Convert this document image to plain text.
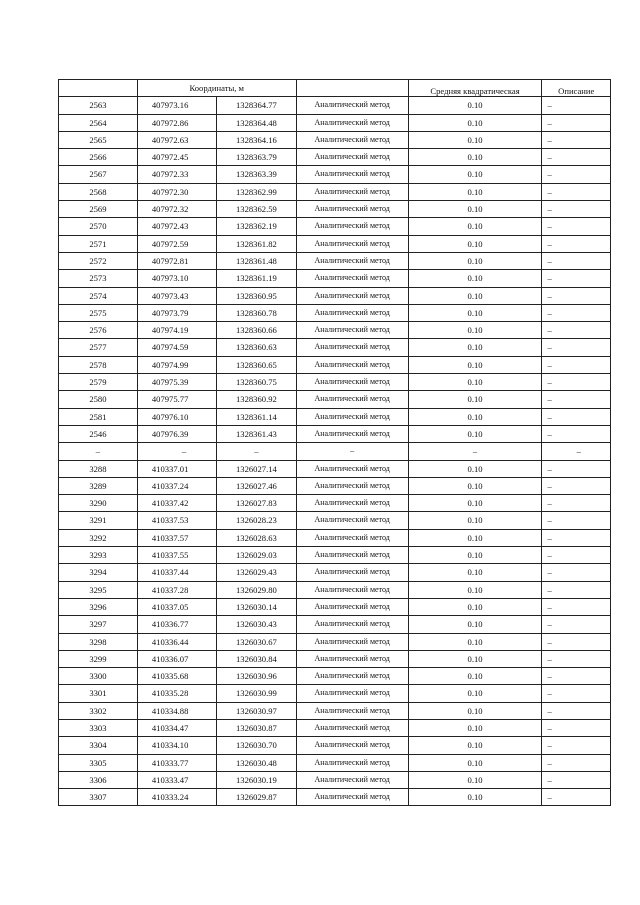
	Координаты, м			Средняя квадратическая	Описание
2563	407973.16	1328364.77	Аналитический метод	0.10	–
2564	407972.86	1328364.48	Аналитический метод	0.10	–
2565	407972.63	1328364.16	Аналитический метод	0.10	–
2566	407972.45	1328363.79	Аналитический метод	0.10	–
2567	407972.33	1328363.39	Аналитический метод	0.10	–
2568	407972.30	1328362.99	Аналитический метод	0.10	–
2569	407972.32	1328362.59	Аналитический метод	0.10	–
2570	407972.43	1328362.19	Аналитический метод	0.10	–
2571	407972.59	1328361.82	Аналитический метод	0.10	–
2572	407972.81	1328361.48	Аналитический метод	0.10	–
2573	407973.10	1328361.19	Аналитический метод	0.10	–
2574	407973.43	1328360.95	Аналитический метод	0.10	–
2575	407973.79	1328360.78	Аналитический метод	0.10	–
2576	407974.19	1328360.66	Аналитический метод	0.10	–
2577	407974.59	1328360.63	Аналитический метод	0.10	–
2578	407974.99	1328360.65	Аналитический метод	0.10	–
2579	407975.39	1328360.75	Аналитический метод	0.10	–
2580	407975.77	1328360.92	Аналитический метод	0.10	–
2581	407976.10	1328361.14	Аналитический метод	0.10	–
2546	407976.39	1328361.43	Аналитический метод	0.10	–
–	–	–	–	–	–
3288	410337.01	1326027.14	Аналитический метод	0.10	–
3289	410337.24	1326027.46	Аналитический метод	0.10	–
3290	410337.42	1326027.83	Аналитический метод	0.10	–
3291	410337.53	1326028.23	Аналитический метод	0.10	–
3292	410337.57	1326028.63	Аналитический метод	0.10	–
3293	410337.55	1326029.03	Аналитический метод	0.10	–
3294	410337.44	1326029.43	Аналитический метод	0.10	–
3295	410337.28	1326029.80	Аналитический метод	0.10	–
3296	410337.05	1326030.14	Аналитический метод	0.10	–
3297	410336.77	1326030.43	Аналитический метод	0.10	–
3298	410336.44	1326030.67	Аналитический метод	0.10	–
3299	410336.07	1326030.84	Аналитический метод	0.10	–
3300	410335.68	1326030.96	Аналитический метод	0.10	–
3301	410335.28	1326030.99	Аналитический метод	0.10	–
3302	410334.88	1326030.97	Аналитический метод	0.10	–
3303	410334.47	1326030.87	Аналитический метод	0.10	–
3304	410334.10	1326030.70	Аналитический метод	0.10	–
3305	410333.77	1326030.48	Аналитический метод	0.10	–
3306	410333.47	1326030.19	Аналитический метод	0.10	–
3307	410333.24	1326029.87	Аналитический метод	0.10	–
